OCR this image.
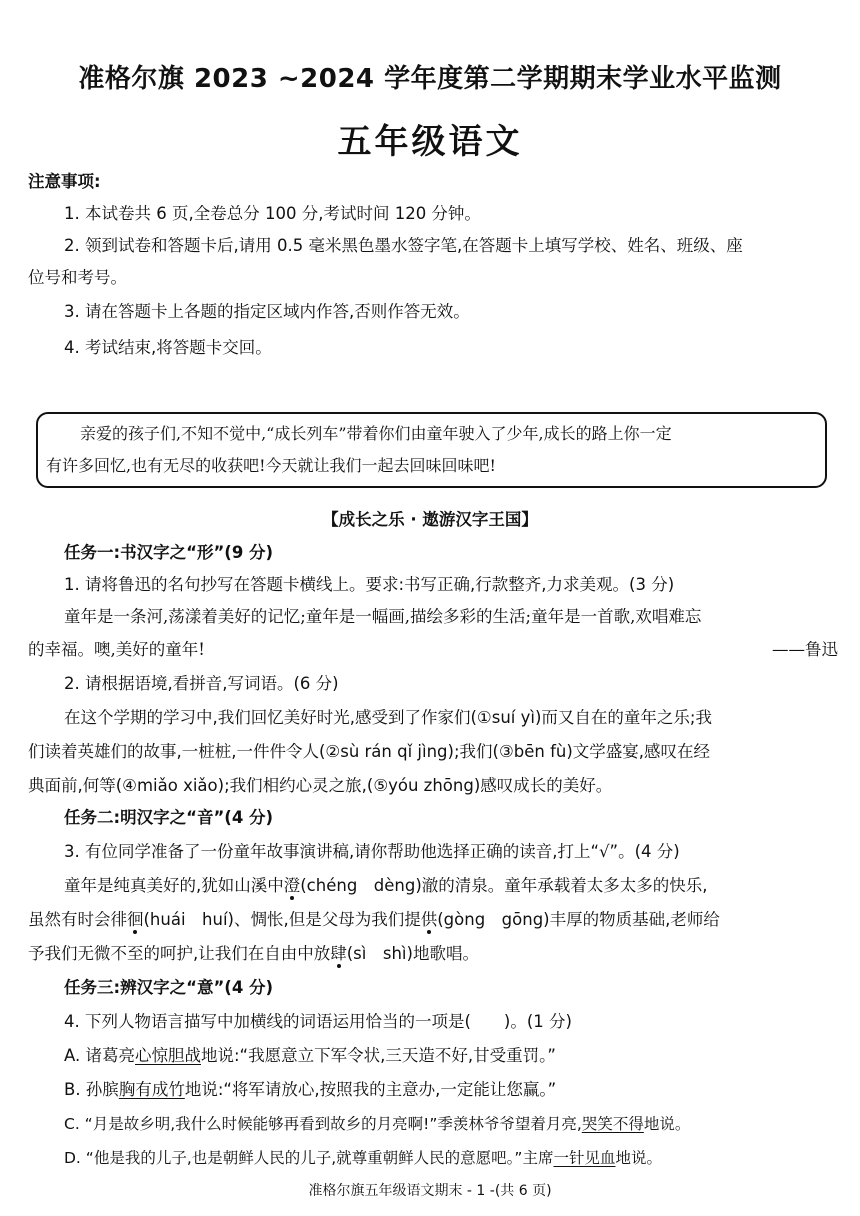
准格尔旗 2023 ~2024 学年度第二学期期末学业水平监测
五年级语文
注意事项:
1. 本试卷共 6 页,全卷总分 100 分,考试时间 120 分钟。
2. 领到试卷和答题卡后,请用 0.5 毫米黑色墨水签字笔,在答题卡上填写学校、姓名、班级、座
位号和考号。
3. 请在答题卡上各题的指定区域内作答,否则作答无效。
4. 考试结束,将答题卡交回。
亲爱的孩子们,不知不觉中,“成长列车”带着你们由童年驶入了少年,成长的路上你一定
有许多回忆,也有无尽的收获吧!今天就让我们一起去回味回味吧!
【成长之乐 · 遨游汉字王国】
任务一:书汉字之“形”(9 分)
1. 请将鲁迅的名句抄写在答题卡横线上。要求:书写正确,行款整齐,力求美观。(3 分)
童年是一条河,荡漾着美好的记忆;童年是一幅画,描绘多彩的生活;童年是一首歌,欢唱难忘
的幸福。噢,美好的童年!	——鲁迅
2. 请根据语境,看拼音,写词语。(6 分)
在这个学期的学习中,我们回忆美好时光,感受到了作家们(①suí yì)而又自在的童年之乐;我
们读着英雄们的故事,一桩桩,一件件令人(②sù rán qǐ jìng);我们(③bēn fù)文学盛宴,感叹在经
典面前,何等(④miǎo xiǎo);我们相约心灵之旅,(⑤yóu zhōng)感叹成长的美好。
任务二:明汉字之“音”(4 分)
3. 有位同学准备了一份童年故事演讲稿,请你帮助他选择正确的读音,打上“√”。(4 分)
童年是纯真美好的,犹如山溪中澄(chéng　dèng)澈的清泉。童年承载着太多太多的快乐,
虽然有时会徘徊(huái　huí)、惆怅,但是父母为我们提供(gòng　gōng)丰厚的物质基础,老师给
予我们无微不至的呵护,让我们在自由中放肆(sì　shì)地歌唱。
任务三:辨汉字之“意”(4 分)
4. 下列人物语言描写中加横线的词语运用恰当的一项是(　　)。(1 分)
A. 诸葛亮心惊胆战地说:“我愿意立下军令状,三天造不好,甘受重罚。”
B. 孙膑胸有成竹地说:“将军请放心,按照我的主意办,一定能让您赢。”
C. “月是故乡明,我什么时候能够再看到故乡的月亮啊!”季羡林爷爷望着月亮,哭笑不得地说。
D. “他是我的儿子,也是朝鲜人民的儿子,就尊重朝鲜人民的意愿吧。”主席一针见血地说。
准格尔旗五年级语文期末 - 1 -(共 6 页)
